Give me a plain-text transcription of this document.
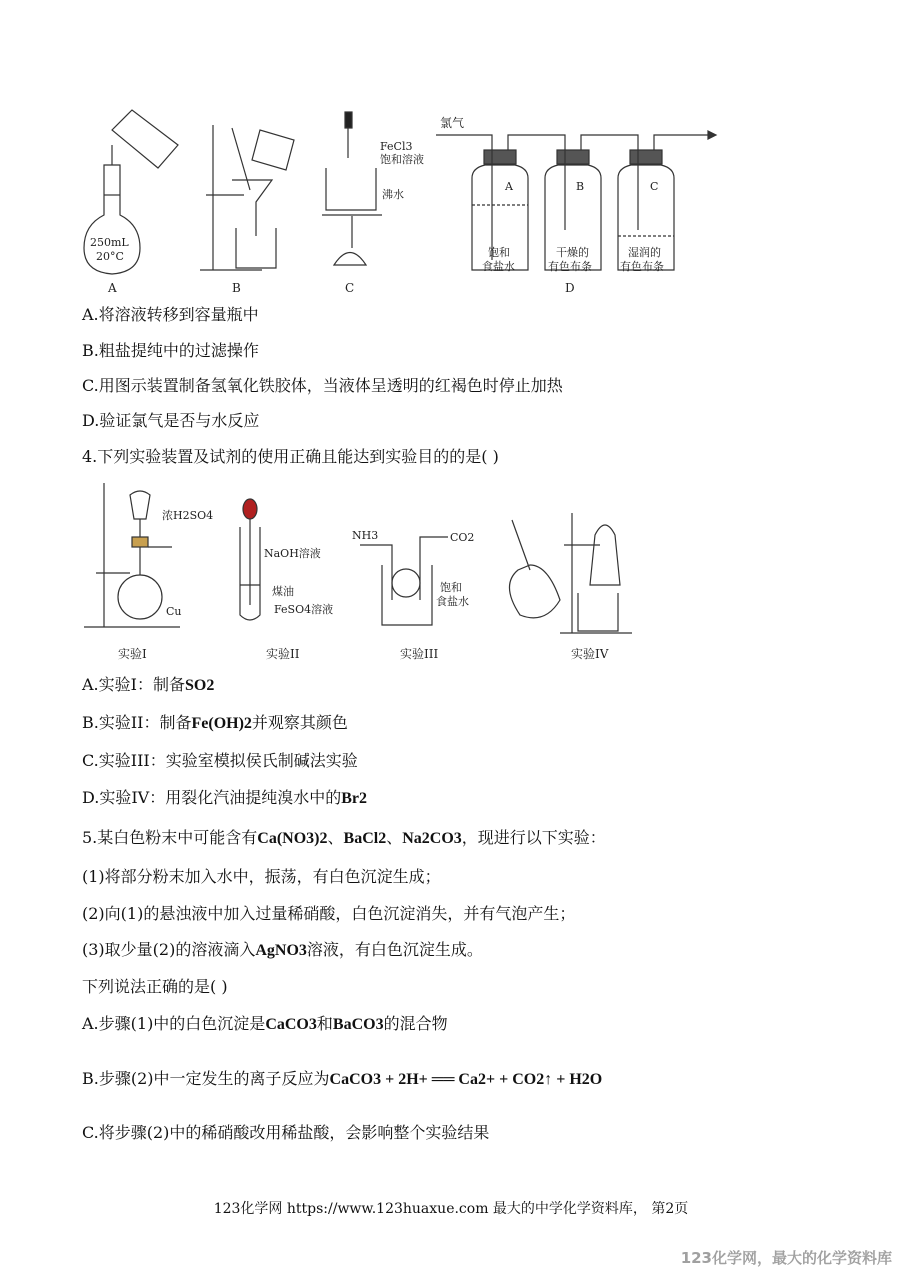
A	B	C	D
250mL
20°C
FeCl3
饱和溶液
沸水
氯气
A	B	C
饱和
食盐水
干燥的
有色布条
湿润的
有色布条
A.将溶液转移到容量瓶中
B.粗盐提纯中的过滤操作
C.用图示装置制备氢氧化铁胶体，当液体呈透明的红褐色时停止加热
D.验证氯气是否与水反应
4.下列实验装置及试剂的使用正确且能达到实验目的的是( )
浓H2SO4
Cu
NaOH溶液
煤油
FeSO4溶液
NH3	CO2
饱和
食盐水
实验I	实验II	实验III	实验IV
A.实验I：制备SO2
B.实验II：制备Fe(OH)2并观察其颜色
C.实验III：实验室模拟侯氏制碱法实验
D.实验IV：用裂化汽油提纯溴水中的Br2
5.某白色粉末中可能含有Ca(NO3)2、BaCl2、Na2CO3，现进行以下实验：
(1)将部分粉末加入水中，振荡，有白色沉淀生成；
(2)向(1)的悬浊液中加入过量稀硝酸，白色沉淀消失，并有气泡产生；
(3)取少量(2)的溶液滴入AgNO3溶液，有白色沉淀生成。
下列说法正确的是( )
A.步骤(1)中的白色沉淀是CaCO3和BaCO3的混合物
B.步骤(2)中一定发生的离子反应为CaCO3 + 2H+ ══ Ca2+ + CO2↑ + H2O
C.将步骤(2)中的稀硝酸改用稀盐酸，会影响整个实验结果
123化学网 https://www.123huaxue.com 最大的中学化学资料库， 第2页
123化学网，最大的化学资料库
